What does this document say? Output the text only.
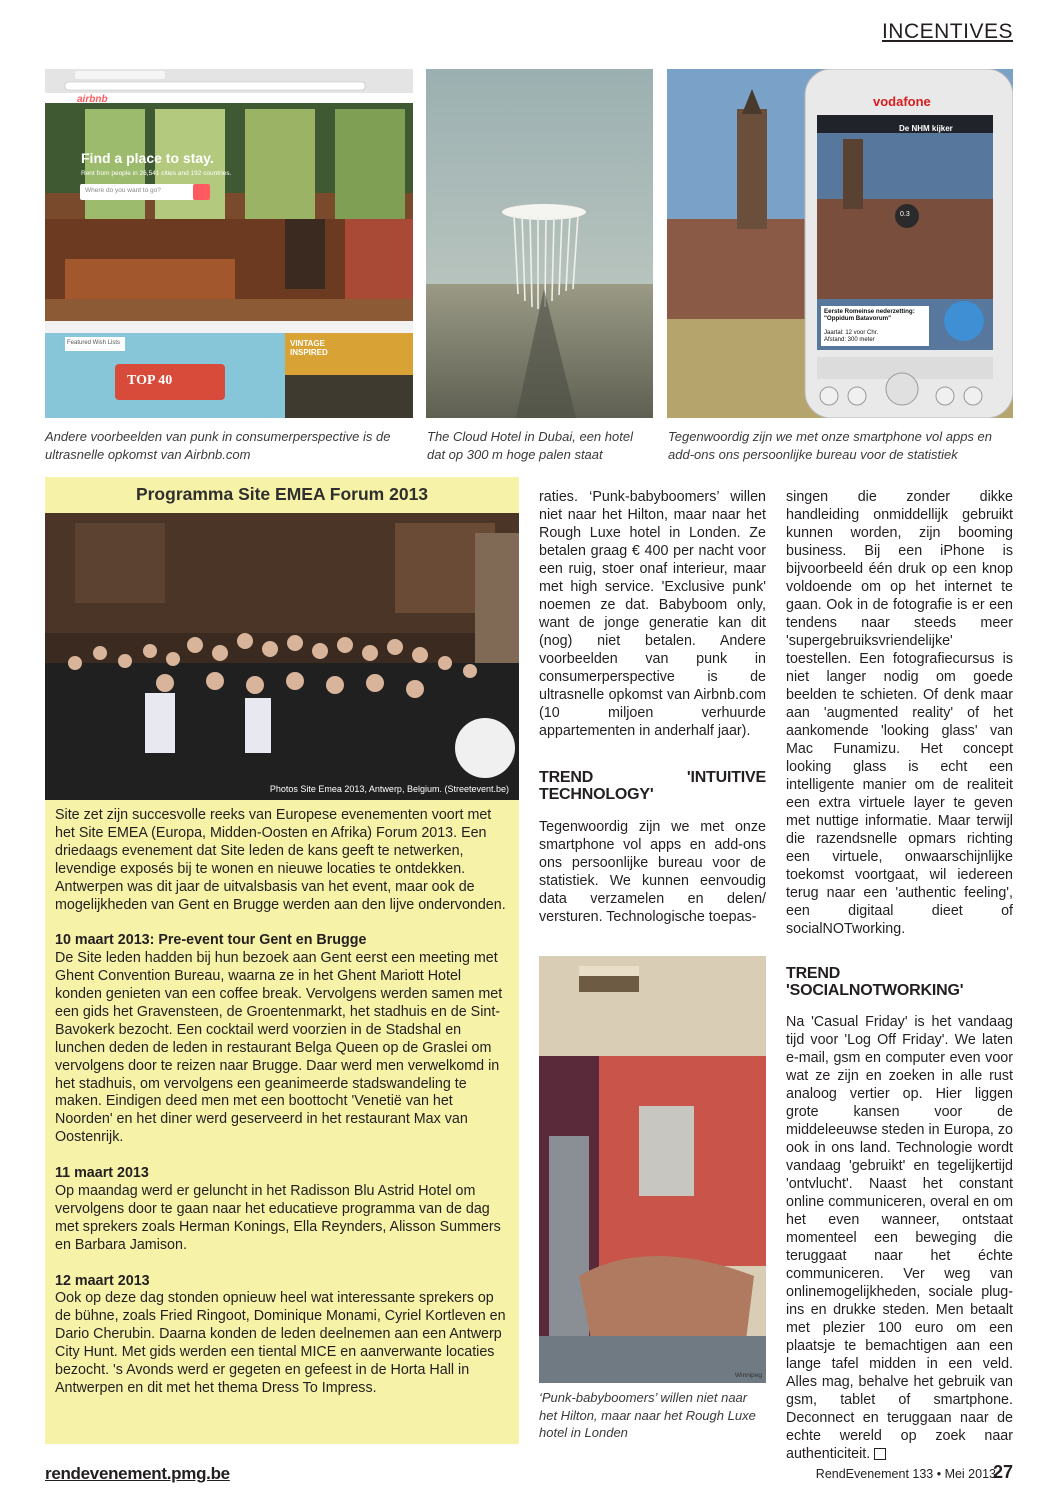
INCENTIVES
airbnb
Find a place to stay.
Rent from people in 26,541 cities and 192 countries.
Where do you want to go?
Featured Wish Lists
TOP 40
VINTAGE INSPIRED
vodafone
De NHM kijker
0.3
Eerste Romeinse nederzetting: "Oppidum Batavorum"
Jaartal: 12 voor Chr.
Afstand: 300 meter
Andere voorbeelden van punk in consumerperspective is de ultrasnelle opkomst van Airbnb.com
The Cloud Hotel in Dubai, een hotel dat op 300 m hoge palen staat
Tegenwoordig zijn we met onze smartphone vol apps en add-ons ons persoonlijke bureau voor de statistiek
Programma Site EMEA Forum 2013
Photos Site Emea 2013, Antwerp, Belgium. (Streetevent.be)

Site zet zijn succesvolle reeks van Europese evenementen voort met het Site EMEA (Europa, Midden-Oosten en Afrika) Forum 2013. Een driedaags evenement dat Site leden de kans geeft te netwerken, levendige exposés bij te wonen en nieuwe locaties te ontdekken. Antwerpen was dit jaar de uitvalsbasis van het event, maar ook de mogelijkheden van Gent en Brugge werden aan den lijve ondervonden.

10 maart 2013: Pre-event tour Gent en Brugge

De Site leden hadden bij hun bezoek aan Gent eerst een meeting met Ghent Convention Bureau, waarna ze in het Ghent Mariott Hotel konden genieten van een coffee break. Vervolgens werden samen met een gids het Gravensteen, de Groentenmarkt, het stadhuis en de Sint-Bavokerk bezocht. Een cocktail werd voorzien in de Stadshal en lunchen deden de leden in restaurant Belga Queen op de Graslei om vervolgens door te reizen naar Brugge. Daar werd men verwelkomd in het stadhuis, om vervolgens een geanimeerde stadswandeling te maken. Eindigen deed men met een boottocht 'Venetië van het Noorden' en het diner werd geserveerd in het restaurant Max van Oostenrijk.

11 maart 2013

Op maandag werd er geluncht in het Radisson Blu Astrid Hotel om vervolgens door te gaan naar het educatieve programma van de dag met sprekers zoals Herman Konings, Ella Reynders, Alisson Summers en Barbara Jamison.

12 maart 2013

Ook op deze dag stonden opnieuw heel wat interessante sprekers op de bühne, zoals Fried Ringoot, Dominique Monami, Cyriel Kortleven en Dario Cherubin. Daarna konden de leden deelnemen aan een Antwerp City Hunt. Met gids werden een tiental MICE en aanverwante locaties bezocht. 's Avonds werd er gegeten en gefeest in de Horta Hall in Antwerpen en dit met het thema Dress To Impress.

raties. ‘Punk-babyboomers’ willen niet naar het Hilton, maar naar het Rough Luxe hotel in Londen. Ze betalen graag € 400 per nacht voor een ruig, stoer onaf interieur, maar met high service. 'Exclusive punk' noemen ze dat. Babyboom only, want de jonge generatie kan dit (nog) niet betalen. Andere voorbeelden van punk in consumerperspective is de ultrasnelle opkomst van Airbnb.com (10 miljoen verhuurde appartementen in anderhalf jaar).

TREND 'INTUITIVE TECHNOLOGY'

Tegenwoordig zijn we met onze smartphone vol apps en add-ons ons persoonlijke bureau voor de statistiek. We kunnen eenvoudig data verzamelen en delen/ versturen. Technologische toepas-

Winnipeg
‘Punk-babyboomers’ willen niet naar het Hilton, maar naar het Rough Luxe hotel in Londen

singen die zonder dikke handleiding onmiddellijk gebruikt kunnen worden, zijn booming business. Bij een iPhone is bijvoorbeeld één druk op een knop voldoende om op het internet te gaan. Ook in de fotografie is er een tendens naar steeds meer 'supergebruiksvriendelijke' toestellen. Een fotografiecursus is niet langer nodig om goede beelden te schieten. Of denk maar aan 'augmented reality' of het aankomende 'looking glass' van Mac Funamizu. Het concept looking glass is echt een intelligente manier om de realiteit een extra virtuele layer te geven met nuttige informatie. Maar terwijl die razendsnelle opmars richting een virtuele, onwaarschijnlijke toekomst voortgaat, wil iedereen terug naar een 'authentic feeling', een digitaal dieet of socialNOTworking.

TREND 'SOCIALNOTWORKING'

Na 'Casual Friday' is het vandaag tijd voor 'Log Off Friday'. We laten e-mail, gsm en computer even voor wat ze zijn en zoeken in alle rust analoog vertier op. Hier liggen grote kansen voor de middeleeuwse steden in Europa, zo ook in ons land. Technologie wordt vandaag 'gebruikt' en tegelijkertijd 'ontvlucht'. Naast het constant online communiceren, overal en om het even wanneer, ontstaat momenteel een beweging die teruggaat naar het échte communiceren. Ver weg van onlinemogelijkheden, sociale plug-ins en drukke steden. Men betaalt met plezier 100 euro om een plaatsje te bemachtigen aan een lange tafel midden in een veld. Alles mag, behalve het gebruik van gsm, tablet of smartphone. Deconnect en teruggaan naar de echte wereld op zoek naar authenticiteit.

rendevenement.pmg.be	RendEvenement 133 • Mei 2013
27
